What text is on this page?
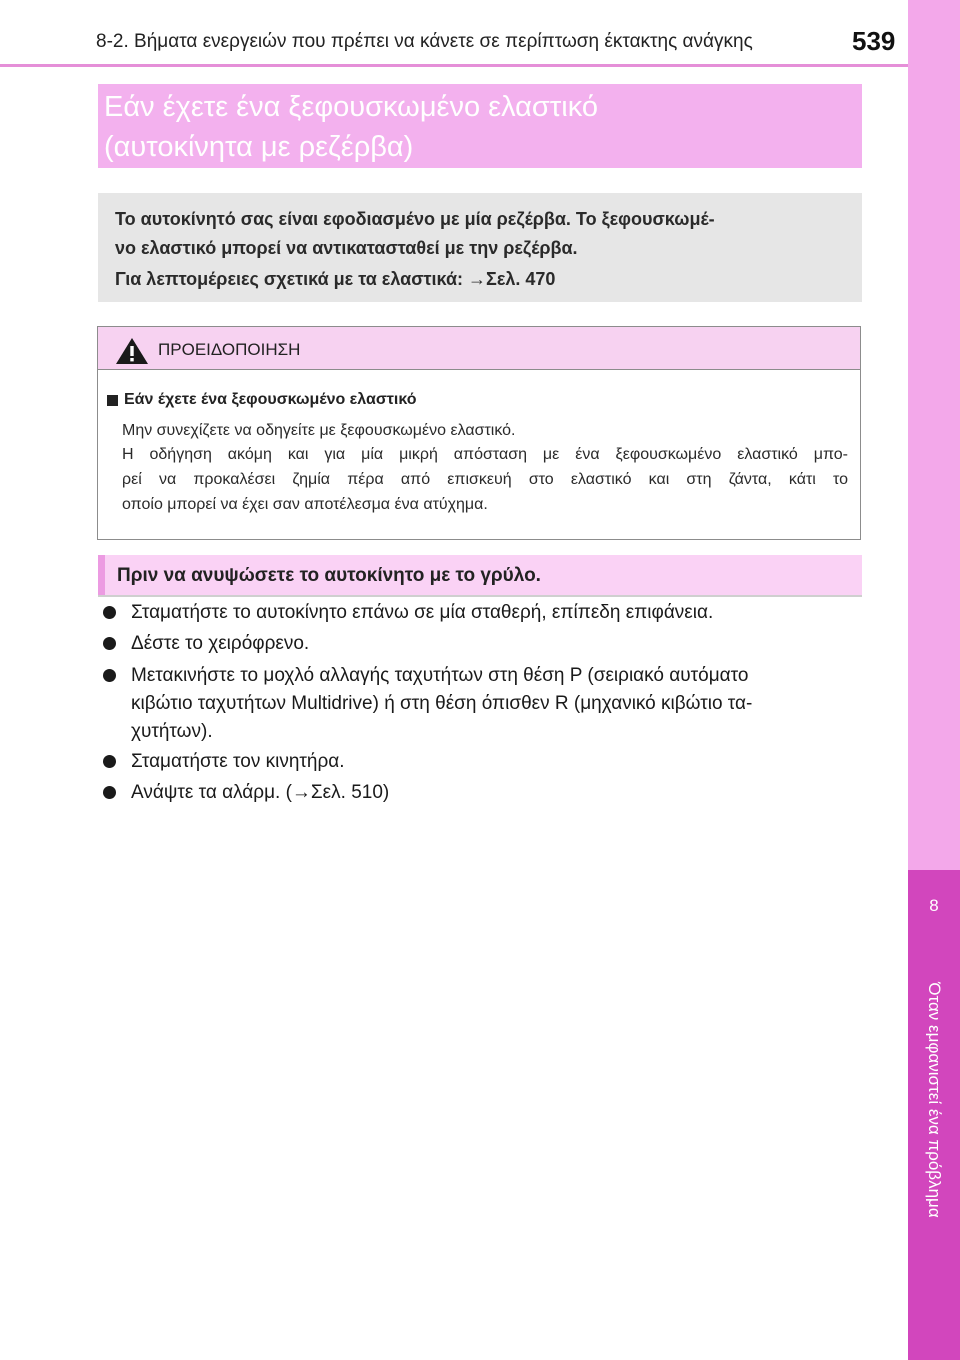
8-2. Βήματα ενεργειών που πρέπει να κάνετε σε περίπτωση έκτακτης ανάγκης	539
8
Όταν εμφανιστεί ένα πρόβλημα
Εάν έχετε ένα ξεφουσκωμένο ελαστικό
(αυτοκίνητα με ρεζέρβα)
Το αυτοκίνητό σας είναι εφοδιασμένο με μία ρεζέρβα. Το ξεφουσκωμέ-
νο ελαστικό μπορεί να αντικατασταθεί με την ρεζέρβα.
Για λεπτομέρειες σχετικά με τα ελαστικά: →Σελ. 470
ΠΡΟΕΙΔΟΠΟΙΗΣΗ
Εάν έχετε ένα ξεφουσκωμένο ελαστικό
Μην συνεχίζετε να οδηγείτε με ξεφουσκωμένο ελαστικό.
Η οδήγηση ακόμη και για μία μικρή απόσταση με ένα ξεφουσκωμένο ελαστικό μπο-
ρεί να προκαλέσει ζημία πέρα από επισκευή στο ελαστικό και στη ζάντα, κάτι το
οποίο μπορεί να έχει σαν αποτέλεσμα ένα ατύχημα.
Πριν να ανυψώσετε το αυτοκίνητο με το γρύλο.
Σταματήστε το αυτοκίνητο επάνω σε μία σταθερή, επίπεδη επιφάνεια.
Δέστε το χειρόφρενο.
Μετακινήστε το μοχλό αλλαγής ταχυτήτων στη θέση P (σειριακό αυτόματο
κιβώτιο ταχυτήτων Multidrive) ή στη θέση όπισθεν R (μηχανικό κιβώτιο τα-
χυτήτων).
Σταματήστε τον κινητήρα.
Ανάψτε τα αλάρμ. (→Σελ. 510)
